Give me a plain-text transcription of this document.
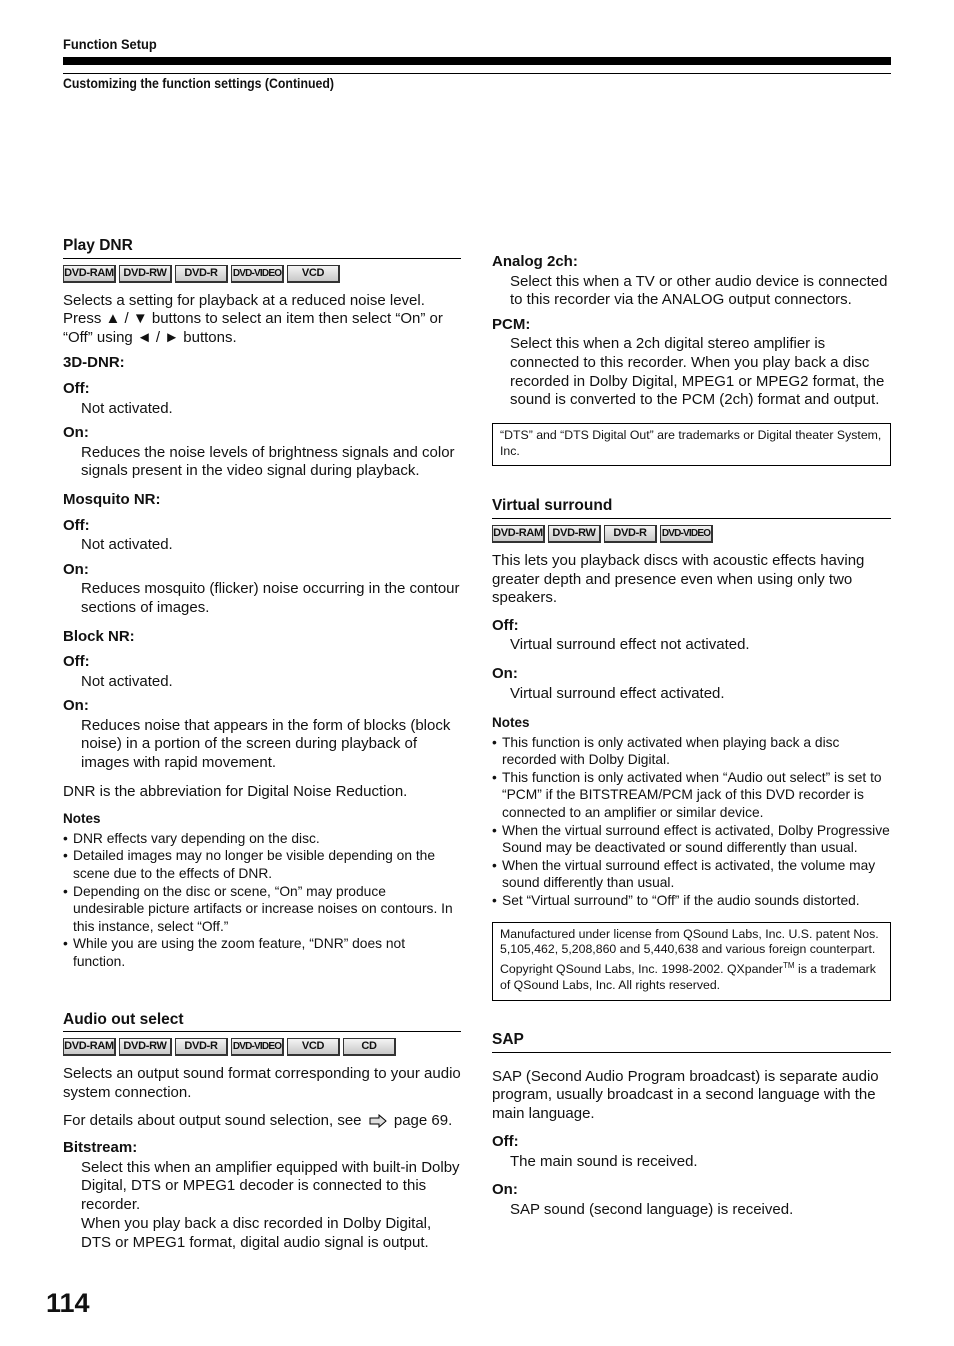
Function Setup
Customizing the function settings (Continued)
Play DNR
DVD-RAM DVD-RW	DVD-R	DVD-VIDEO	VCD

Selects a setting for playback at a reduced noise level. Press ▲ / ▼ buttons to select an item then select “On” or “Off” using ◄ / ► buttons.

3D-DNR:
Off:

Not activated.

On:

Reduces the noise levels of brightness signals and color signals present in the video signal during playback.

Mosquito NR:
Off:

Not activated.

On:

Reduces mosquito (flicker) noise occurring in the contour sections of images.

Block NR:
Off:

Not activated.

On:

Reduces noise that appears in the form of blocks (block noise) in a portion of the screen during playback of images with rapid movement.

DNR is the abbreviation for Digital Noise Reduction.

Notes
• DNR effects vary depending on the disc.
• Detailed images may no longer be visible depending on the scene due to the effects of DNR.
• Depending on the disc or scene, “On” may produce undesirable picture artifacts or increase noises on contours. In this instance, select “Off.”
• While you are using the zoom feature, “DNR” does not function.
Audio out select
DVD-RAM DVD-RW	DVD-R	DVD-VIDEO	VCD	CD

Selects an output sound format corresponding to your audio system connection.

For details about output sound selection, see page 69.

Bitstream:

Select this when an amplifier equipped with built-in Dolby Digital, DTS or MPEG1 decoder is connected to this recorder.

When you play back a disc recorded in Dolby Digital, DTS or MPEG1 format, digital audio signal is output.

Analog 2ch:

Select this when a TV or other audio device is connected to this recorder via the ANALOG output connectors.

PCM:

Select this when a 2ch digital stereo amplifier is connected to this recorder. When you play back a disc recorded in Dolby Digital, MPEG1 or MPEG2 format, the sound is converted to the PCM (2ch) format and output.

“DTS” and “DTS Digital Out” are trademarks or Digital theater System, Inc.
Virtual surround
DVD-RAM DVD-RW	DVD-R	DVD-VIDEO

This lets you playback discs with acoustic effects having greater depth and presence even when using only two speakers.

Off:

Virtual surround effect not activated.

On:

Virtual surround effect activated.

Notes
• This function is only activated when playing back a disc recorded with Dolby Digital.
• This function is only activated when “Audio out select” is set to “PCM” if the BITSTREAM/PCM jack of this DVD recorder is connected to an amplifier or similar device.
• When the virtual surround effect is activated, Dolby Progressive Sound may be deactivated or sound differently than usual.
• When the virtual surround effect is activated, the volume may sound differently than usual.
• Set “Virtual surround” to “Off” if the audio sounds distorted.
Manufactured under license from QSound Labs, Inc. U.S. patent Nos. 5,105,462, 5,208,860 and 5,440,638 and various foreign counterpart. Copyright QSound Labs, Inc. 1998-2002. QXpander™ is a trademark of QSound Labs, Inc. All rights reserved.
SAP

SAP (Second Audio Program broadcast) is separate audio program, usually broadcast in a second language with the main language.

Off:

The main sound is received.

On:

SAP sound (second language) is received.

114
